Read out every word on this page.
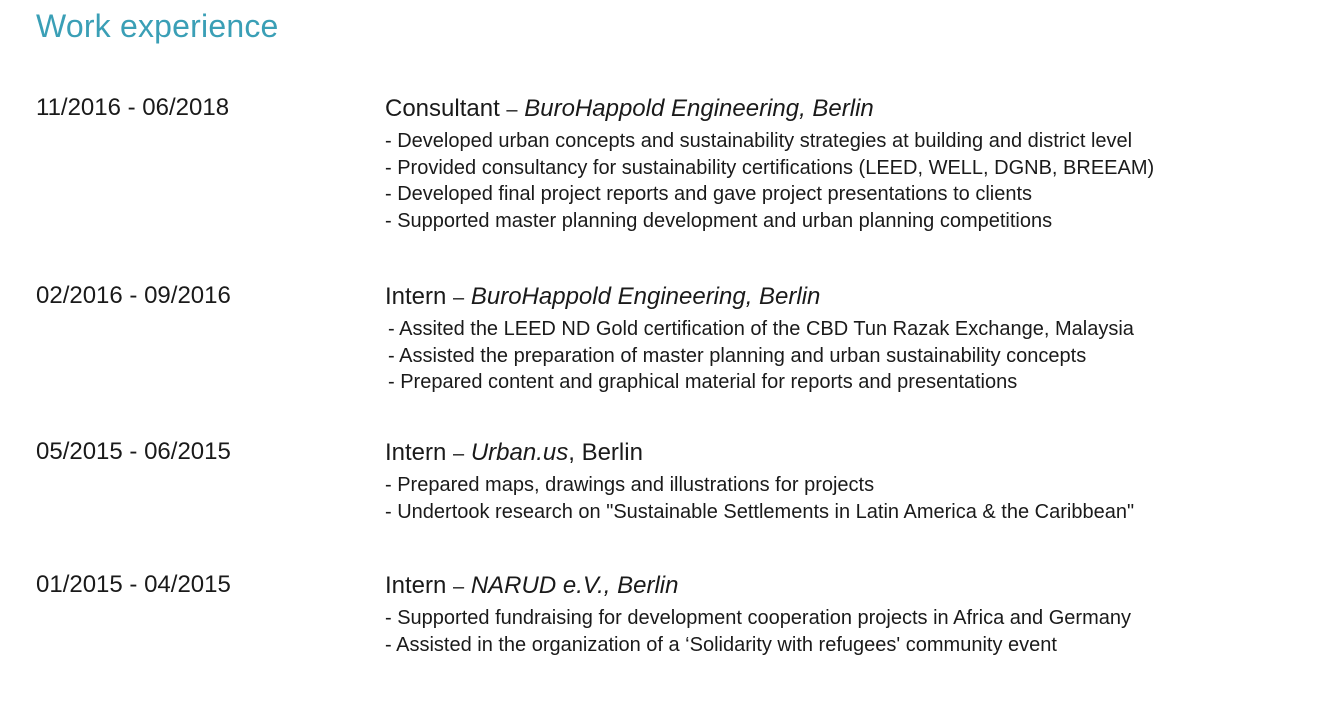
Work experience
11/2016 - 06/2018	Consultant – BuroHappold Engineering, Berlin
- Developed urban concepts and sustainability strategies at building and district level
- Provided consultancy for sustainability certifications (LEED, WELL, DGNB, BREEAM)
- Developed final project reports and gave project presentations to clients
- Supported master planning development and urban planning competitions
02/2016 - 09/2016	Intern – BuroHappold Engineering, Berlin
- Assited the LEED ND Gold certification of the CBD Tun Razak Exchange, Malaysia
- Assisted the preparation of master planning and urban sustainability concepts
- Prepared content and graphical material for reports and presentations
05/2015 - 06/2015	Intern – Urban.us, Berlin
- Prepared maps, drawings and illustrations for projects
- Undertook research on "Sustainable Settlements in Latin America & the Caribbean"
01/2015 - 04/2015	Intern – NARUD e.V., Berlin
- Supported fundraising for development cooperation projects in Africa and Germany
- Assisted in the organization of a ‘Solidarity with refugees' community event
